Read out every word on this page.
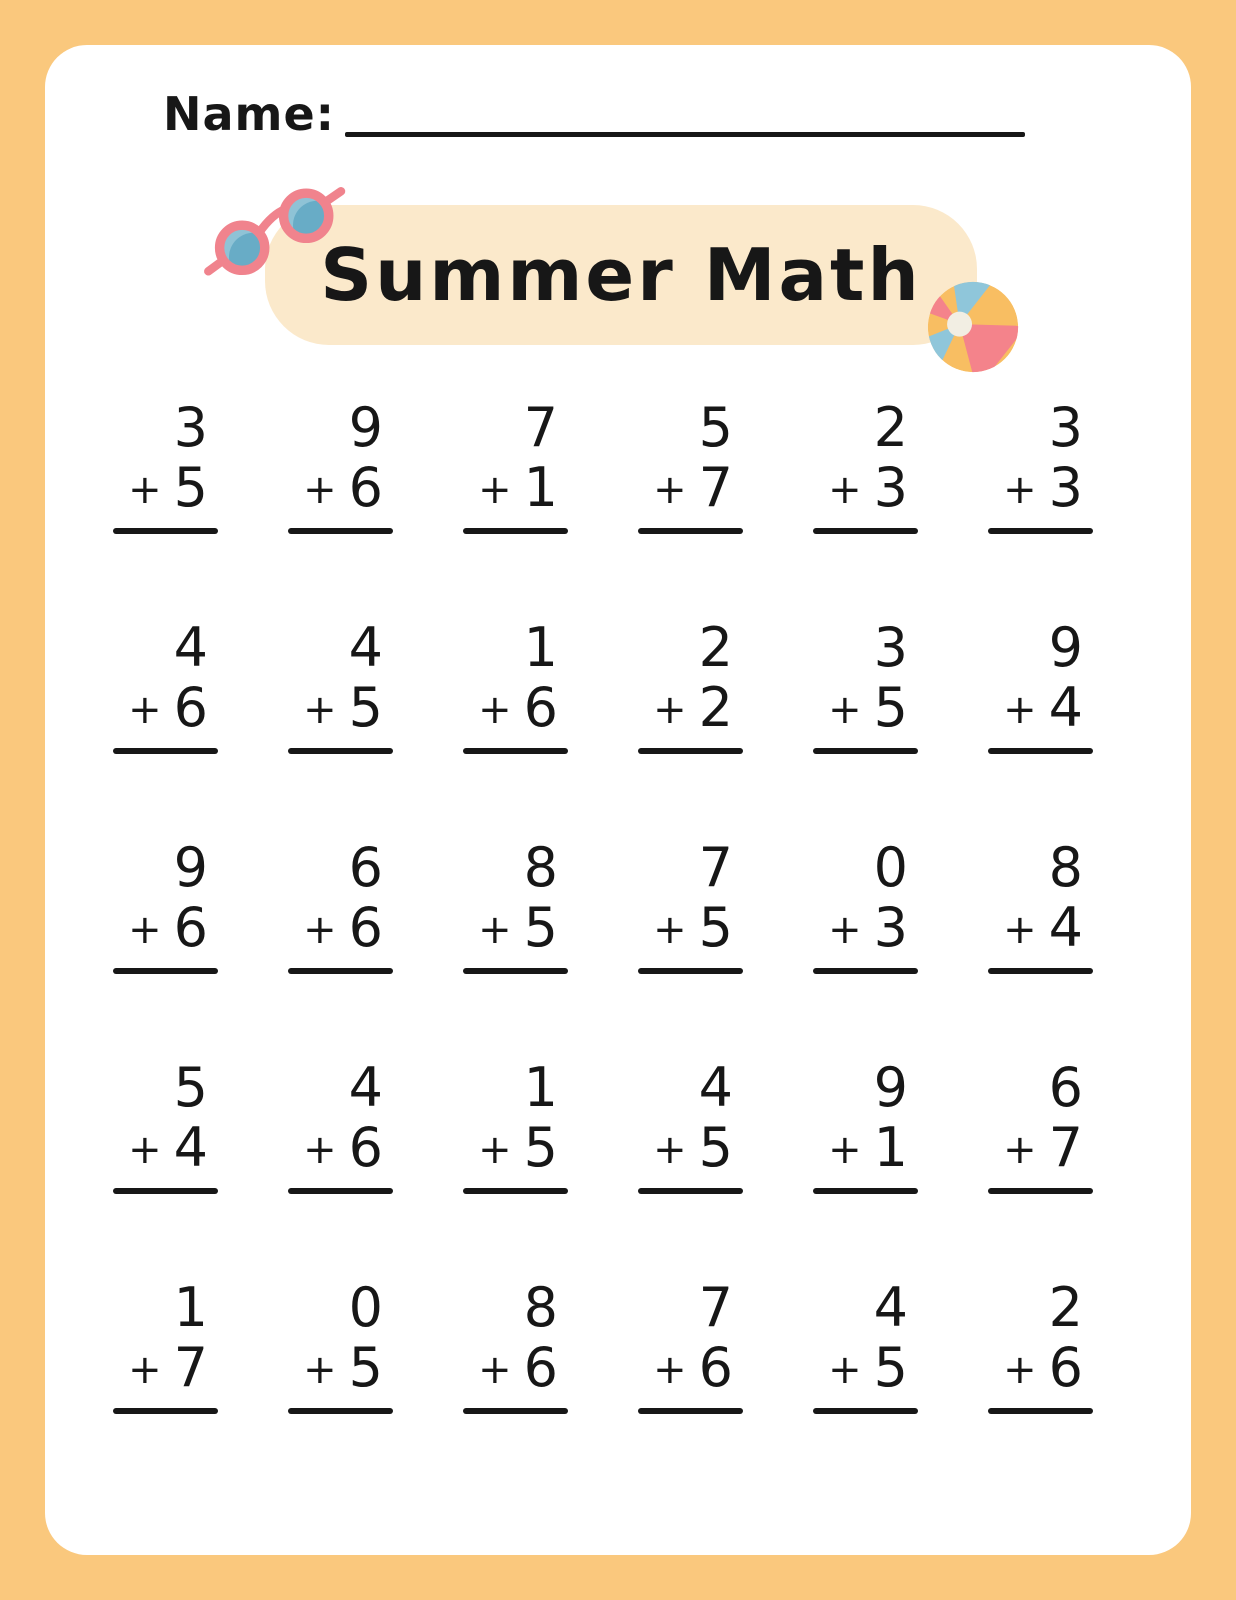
Name:
Summer Math
3
+ 5
9
+ 6
7
+ 1
5
+ 7
2
+ 3
3
+ 3
4
+ 6
4
+ 5
1
+ 6
2
+ 2
3
+ 5
9
+ 4
9
+ 6
6
+ 6
8
+ 5
7
+ 5
0
+ 3
8
+ 4
5
+ 4
4
+ 6
1
+ 5
4
+ 5
9
+ 1
6
+ 7
1
+ 7
0
+ 5
8
+ 6
7
+ 6
4
+ 5
2
+ 6
